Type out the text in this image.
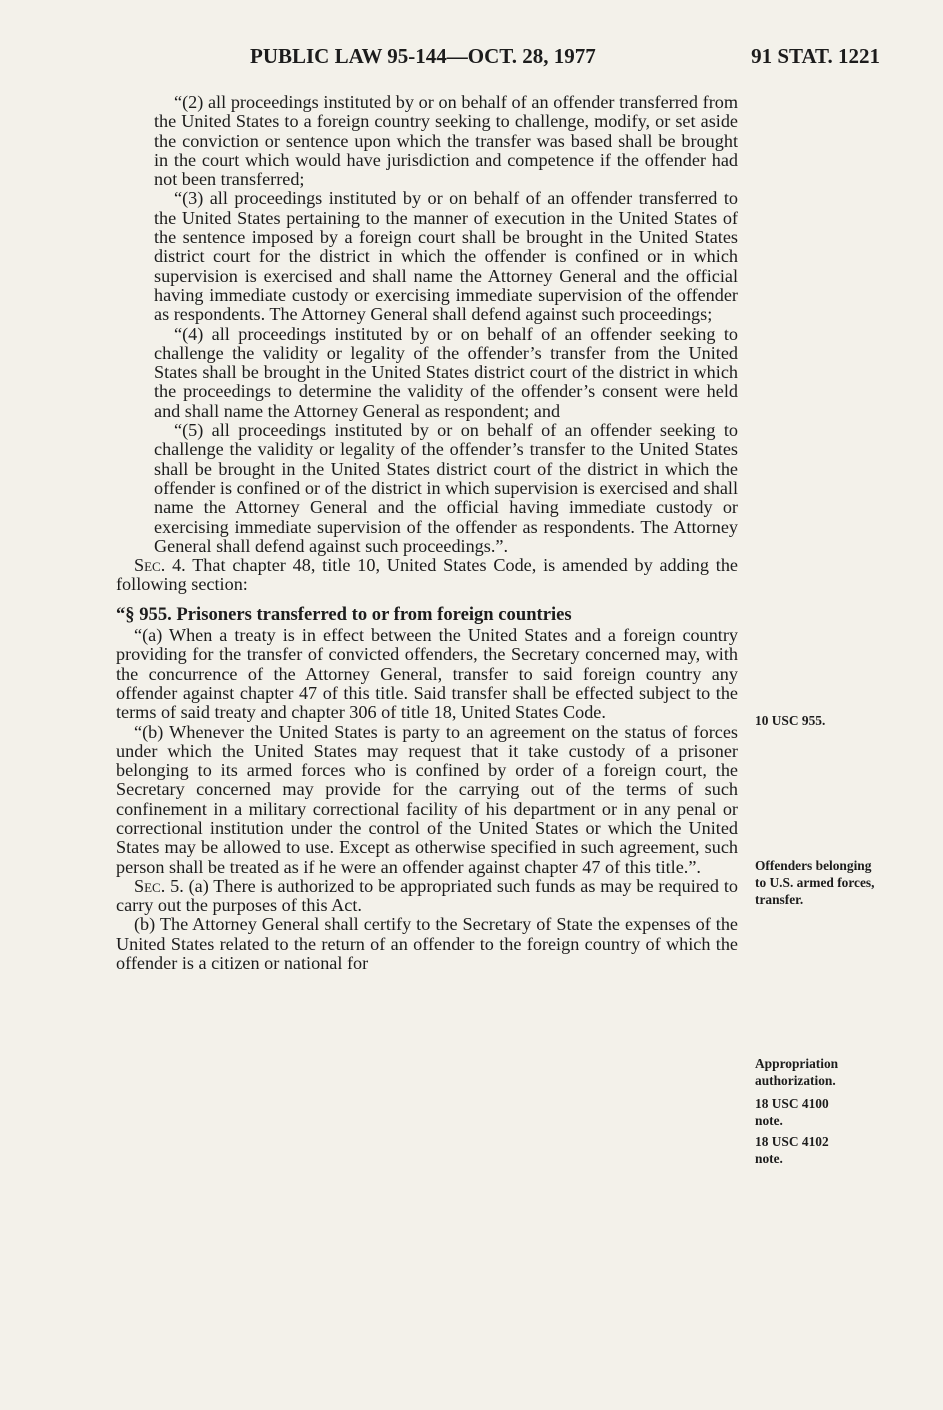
PUBLIC LAW 95-144—OCT. 28, 1977	91 STAT. 1221

“(2) all proceedings instituted by or on behalf of an offender transferred from the United States to a foreign country seeking to challenge, modify, or set aside the conviction or sentence upon which the transfer was based shall be brought in the court which would have jurisdiction and competence if the offender had not been transferred;

“(3) all proceedings instituted by or on behalf of an offender transferred to the United States pertaining to the manner of execution in the United States of the sentence imposed by a foreign court shall be brought in the United States district court for the district in which the offender is confined or in which supervision is exercised and shall name the Attorney General and the official having immediate custody or exercising immediate supervision of the offender as respondents. The Attorney General shall defend against such proceedings;

“(4) all proceedings instituted by or on behalf of an offender seeking to challenge the validity or legality of the offender’s transfer from the United States shall be brought in the United States district court of the district in which the proceedings to determine the validity of the offender’s consent were held and shall name the Attorney General as respondent; and

“(5) all proceedings instituted by or on behalf of an offender seeking to challenge the validity or legality of the offender’s transfer to the United States shall be brought in the United States district court of the district in which the offender is confined or of the district in which supervision is exercised and shall name the Attorney General and the official having immediate custody or exercising immediate supervision of the offender as respondents. The Attorney General shall defend against such proceedings.”.

Sec. 4. That chapter 48, title 10, United States Code, is amended by adding the following section:

“§ 955. Prisoners transferred to or from foreign countries

“(a) When a treaty is in effect between the United States and a foreign country providing for the transfer of convicted offenders, the Secretary concerned may, with the concurrence of the Attorney General, transfer to said foreign country any offender against chapter 47 of this title. Said transfer shall be effected subject to the terms of said treaty and chapter 306 of title 18, United States Code.

“(b) Whenever the United States is party to an agreement on the status of forces under which the United States may request that it take custody of a prisoner belonging to its armed forces who is confined by order of a foreign court, the Secretary concerned may provide for the carrying out of the terms of such confinement in a military correctional facility of his department or in any penal or correctional institution under the control of the United States or which the United States may be allowed to use. Except as otherwise specified in such agreement, such person shall be treated as if he were an offender against chapter 47 of this title.”.

Sec. 5. (a) There is authorized to be appropriated such funds as may be required to carry out the purposes of this Act.

(b) The Attorney General shall certify to the Secretary of State the expenses of the United States related to the return of an offender to the foreign country of which the offender is a citizen or national for

10 USC 955.

Offenders belonging to U.S. armed forces, transfer.

Appropriation authorization.

18 USC 4100 note.

18 USC 4102 note.
